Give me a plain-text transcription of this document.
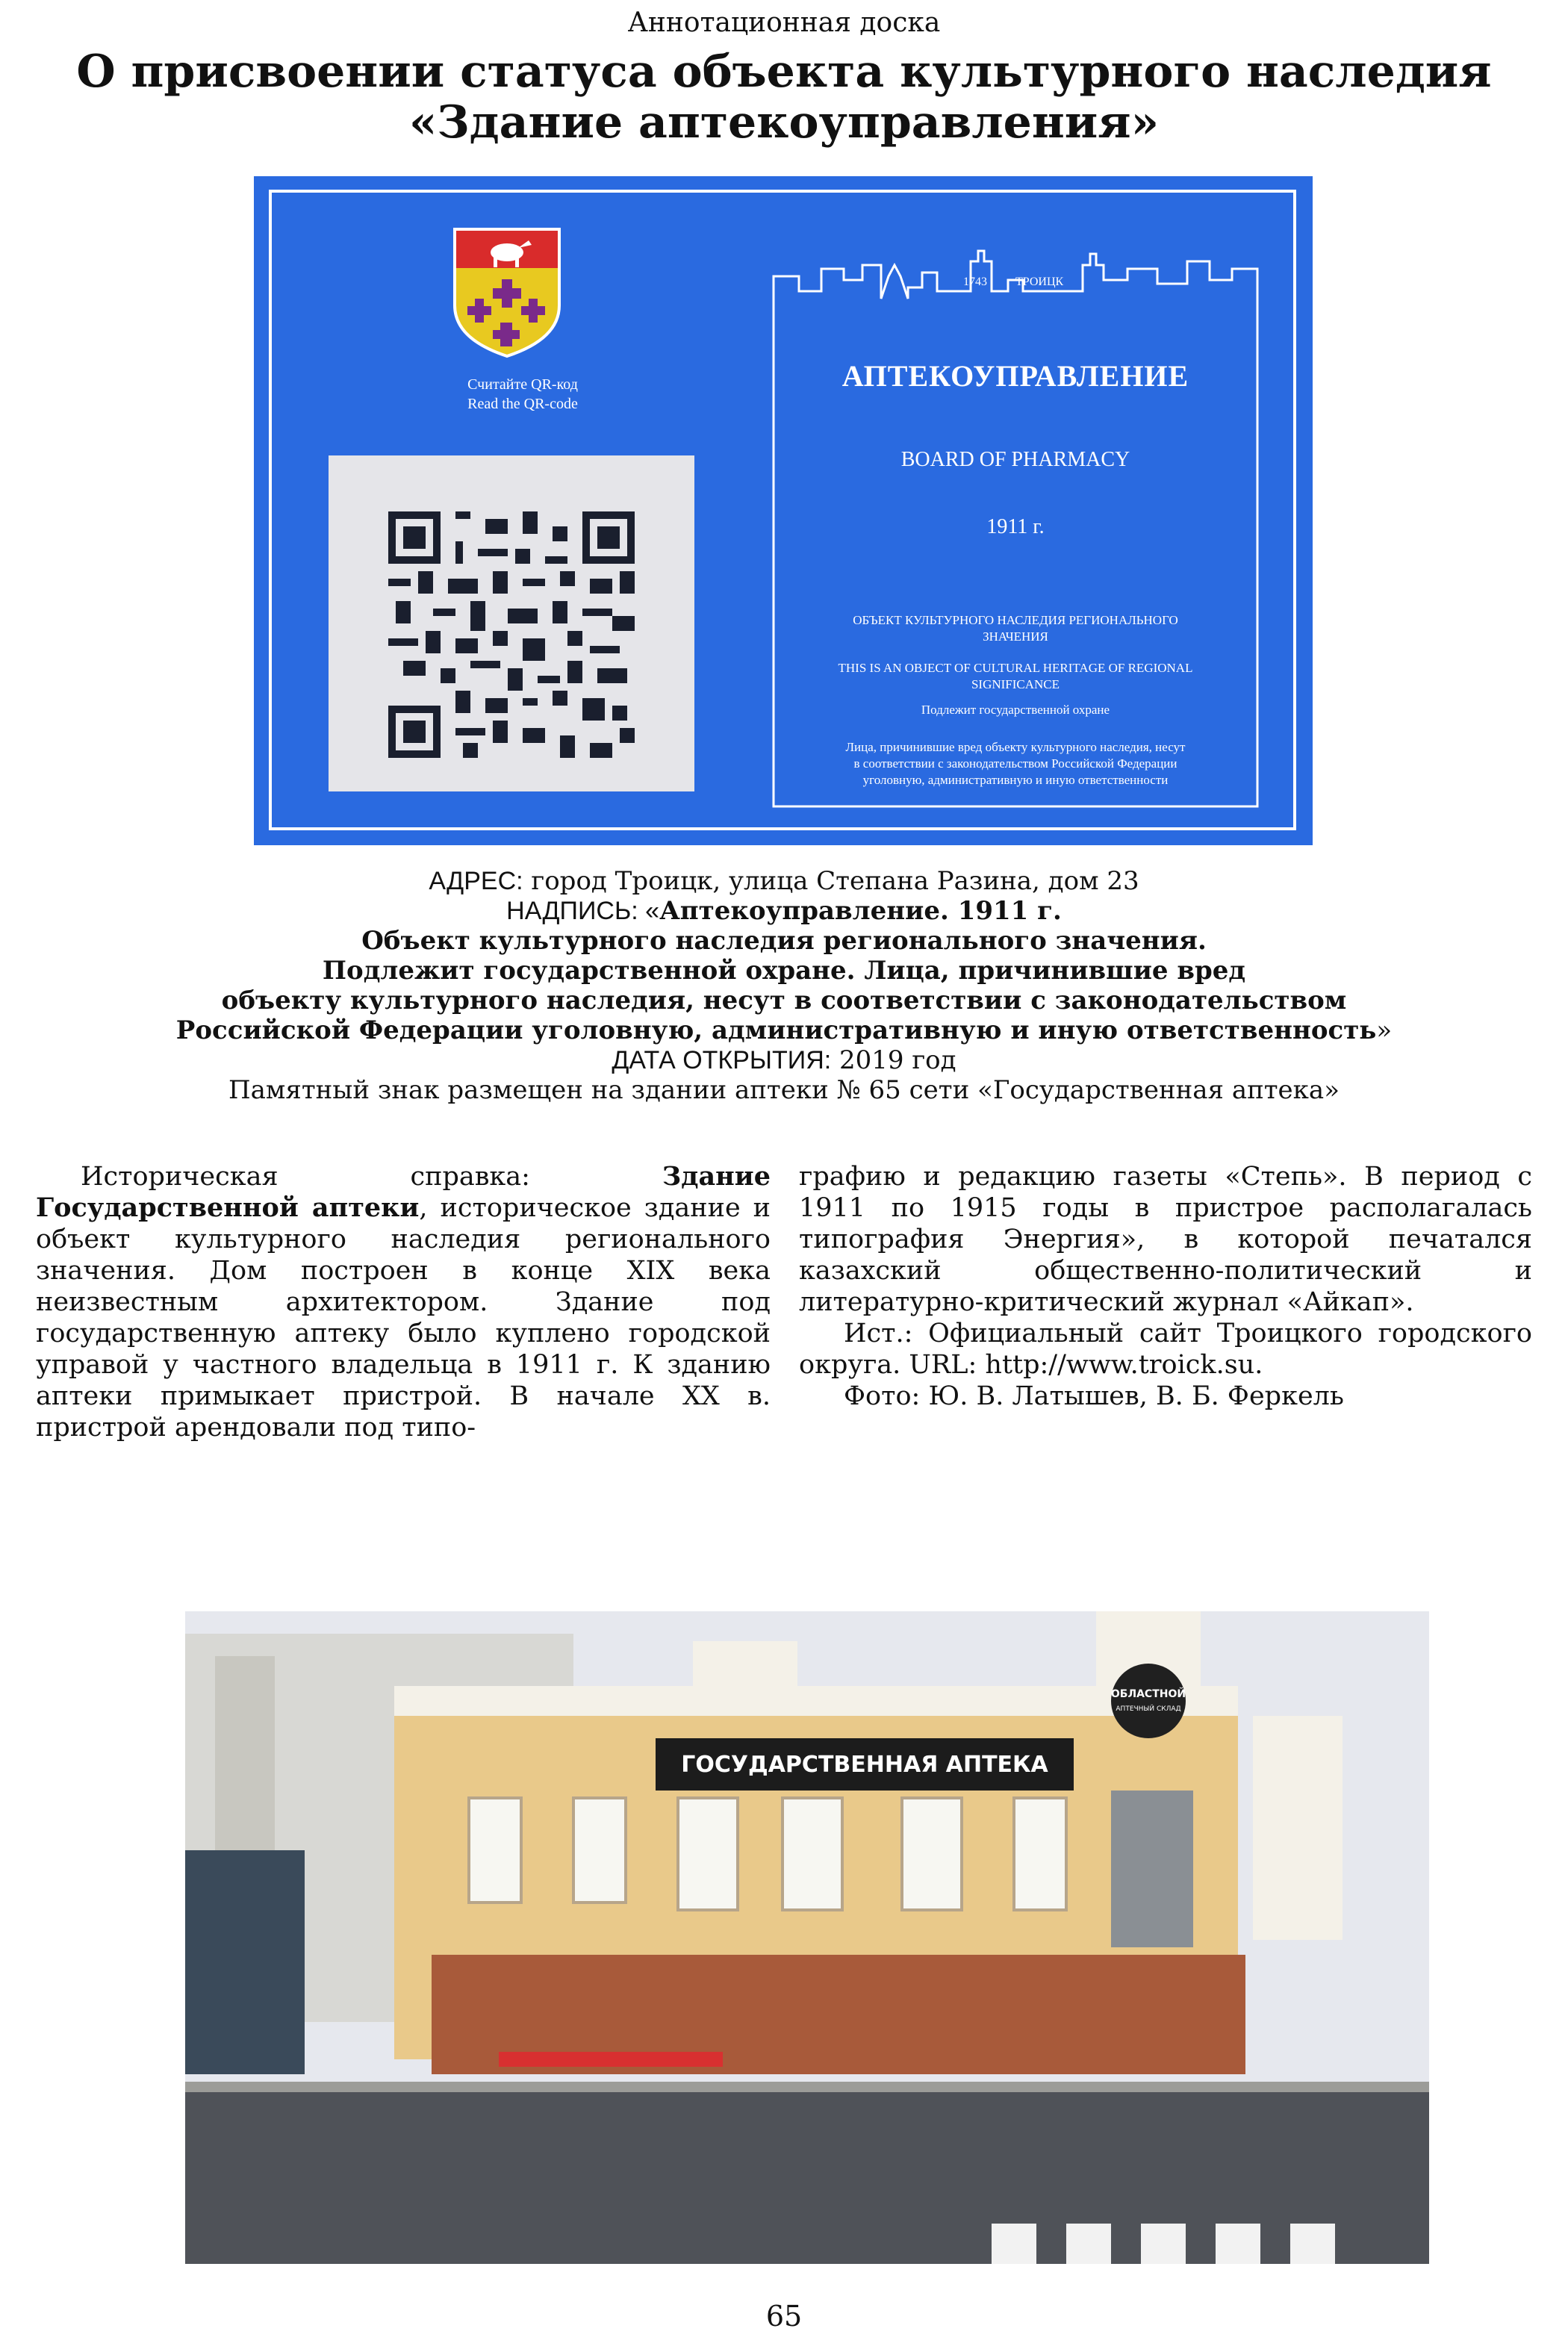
Аннотационная доска
О присвоении статуса объекта культурного наследия
«Здание аптекоуправления»
Считайте QR-код
Read the QR-code
1743 ТРОИЦК
АПТЕКОУПРАВЛЕНИЕ
BOARD OF PHARMACY
1911 г.
ОБЪЕКТ КУЛЬТУРНОГО НАСЛЕДИЯ РЕГИОНАЛЬНОГО
ЗНАЧЕНИЯ
THIS IS AN OBJECT OF CULTURAL HERITAGE OF REGIONAL
SIGNIFICANCE
Подлежит государственной охране
Лица, причинившие вред объекту культурного наследия, несут
в соответствии с законодательством Российской Федерации
уголовную, административную и иную ответственности
АДРЕС: город Троицк, улица Степана Разина, дом 23
НАДПИСЬ: «Аптекоуправление. 1911 г.
Объект культурного наследия регионального значения.
Подлежит государственной охране. Лица, причинившие вред
объекту культурного наследия, несут в соответствии с законодательством
Российской Федерации уголовную, административную и иную ответственность»
ДАТА ОТКРЫТИЯ: 2019 год
Памятный знак размещен на здании аптеки № 65 сети «Государственная аптека»

Историческая справка: Здание Государственной аптеки, историческое здание и объект культурного наследия регионального значения. Дом построен в конце XIX века неизвестным архитектором. Здание под государственную аптеку было куплено городской управой у частного владельца в 1911 г. К зданию аптеки примыкает пристрой. В начале XX в. пристрой арендовали под типо-

графию и редакцию газеты «Степь». В период с 1911 по 1915 годы в пристрое располагалась типография Энергия», в которой печатался казахский общественно-политический и литературно-критический журнал «Айкап».

Ист.: Официальный сайт Троицкого городского округа. URL: http://www.troick.su.

Фото: Ю. В. Латышев, В. Б. Феркель

ГОСУДАРСТВЕННАЯ АПТЕКА
ОБЛАСТНОЙ
АПТЕЧНЫЙ СКЛАД
65
